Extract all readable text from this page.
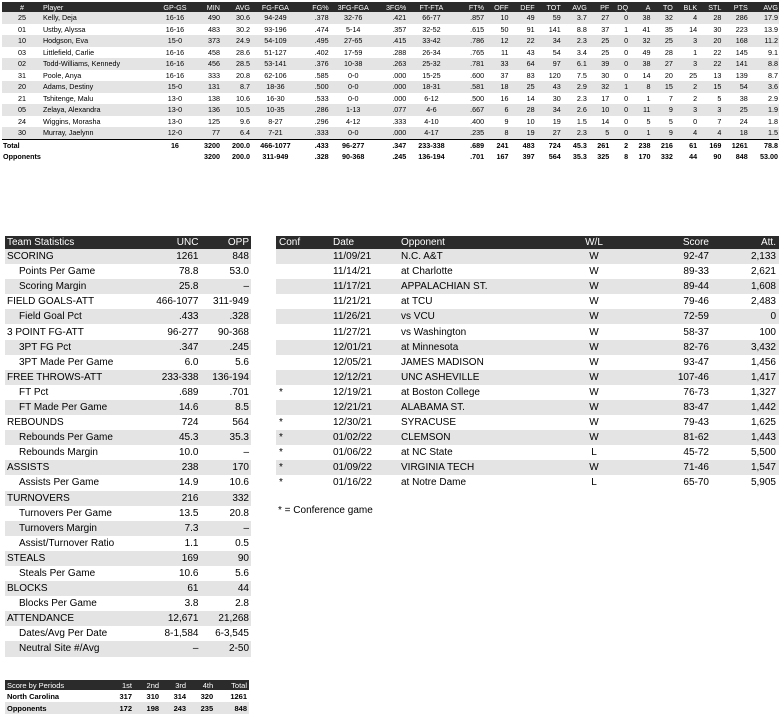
#	Player	GP-GS	MIN	AVG	FG-FGA	FG%	3FG-FGA	3FG%	FT-FTA	FT%	OFF	DEF	TOT	AVG	PF	DQ	A	TO	BLK	STL	PTS	AVG
25	Kelly, Deja	16-16	490	30.6	94-249	.378	32-76	.421	66-77	.857	10	49	59	3.7	27	0	38	32	4	28	286	17.9
01	Ustby, Alyssa	16-16	483	30.2	93-196	.474	5-14	.357	32-52	.615	50	91	141	8.8	37	1	41	35	14	30	223	13.9
10	Hodgson, Eva	15-0	373	24.9	54-109	.495	27-65	.415	33-42	.786	12	22	34	2.3	25	0	32	25	3	20	168	11.2
03	Littlefield, Carlie	16-16	458	28.6	51-127	.402	17-59	.288	26-34	.765	11	43	54	3.4	25	0	49	28	1	22	145	9.1
02	Todd-Williams, Kennedy	16-16	456	28.5	53-141	.376	10-38	.263	25-32	.781	33	64	97	6.1	39	0	38	27	3	22	141	8.8
31	Poole, Anya	16-16	333	20.8	62-106	.585	0-0	.000	15-25	.600	37	83	120	7.5	30	0	14	20	25	13	139	8.7
20	Adams, Destiny	15-0	131	8.7	18-36	.500	0-0	.000	18-31	.581	18	25	43	2.9	32	1	8	15	2	15	54	3.6
21	Tshitenge, Malu	13-0	138	10.6	16-30	.533	0-0	.000	6-12	.500	16	14	30	2.3	17	0	1	7	2	5	38	2.9
05	Zelaya, Alexandra	13-0	136	10.5	10-35	.286	1-13	.077	4-6	.667	6	28	34	2.6	10	0	11	9	3	3	25	1.9
24	Wiggins, Morasha	13-0	125	9.6	8-27	.296	4-12	.333	4-10	.400	9	10	19	1.5	14	0	5	5	0	7	24	1.8
30	Murray, Jaelynn	12-0	77	6.4	7-21	.333	0-0	.000	4-17	.235	8	19	27	2.3	5	0	1	9	4	4	18	1.5
Total		16	3200	200.0	466-1077	.433	96-277	.347	233-338	.689	241	483	724	45.3	261	2	238	216	61	169	1261	78.8
Opponents			3200	200.0	311-949	.328	90-368	.245	136-194	.701	167	397	564	35.3	325	8	170	332	44	90	848	53.00
Team Statistics	UNC	OPP
SCORING	1261	848
Points Per Game	78.8	53.0
Scoring Margin	25.8	–
FIELD GOALS-ATT	466-1077	311-949
Field Goal Pct	.433	.328
3 POINT FG-ATT	96-277	90-368
3PT FG Pct	.347	.245
3PT Made Per Game	6.0	5.6
FREE THROWS-ATT	233-338	136-194
FT Pct	.689	.701
FT Made Per Game	14.6	8.5
REBOUNDS	724	564
Rebounds Per Game	45.3	35.3
Rebounds Margin	10.0	–
ASSISTS	238	170
Assists Per Game	14.9	10.6
TURNOVERS	216	332
Turnovers Per Game	13.5	20.8
Turnovers Margin	7.3	–
Assist/Turnover Ratio	1.1	0.5
STEALS	169	90
Steals Per Game	10.6	5.6
BLOCKS	61	44
Blocks Per Game	3.8	2.8
ATTENDANCE	12,671	21,268
Dates/Avg Per Date	8-1,584	6-3,545
Neutral Site #/Avg	–	2-50
Conf	Date	Opponent	W/L	Score	Att.
	11/09/21	N.C. A&T	W	92-47	2,133
	11/14/21	at Charlotte	W	89-33	2,621
	11/17/21	APPALACHIAN ST.	W	89-44	1,608
	11/21/21	at TCU	W	79-46	2,483
	11/26/21	vs VCU	W	72-59	0
	11/27/21	vs Washington	W	58-37	100
	12/01/21	at Minnesota	W	82-76	3,432
	12/05/21	JAMES MADISON	W	93-47	1,456
	12/12/21	UNC ASHEVILLE	W	107-46	1,417
*	12/19/21	at Boston College	W	76-73	1,327
	12/21/21	ALABAMA ST.	W	83-47	1,442
*	12/30/21	SYRACUSE	W	79-43	1,625
*	01/02/22	CLEMSON	W	81-62	1,443
*	01/06/22	at NC State	L	45-72	5,500
*	01/09/22	VIRGINIA TECH	W	71-46	1,547
*	01/16/22	at Notre Dame	L	65-70	5,905
* = Conference game
Score by Periods	1st	2nd	3rd	4th	Total
North Carolina	317	310	314	320	1261
Opponents	172	198	243	235	848
